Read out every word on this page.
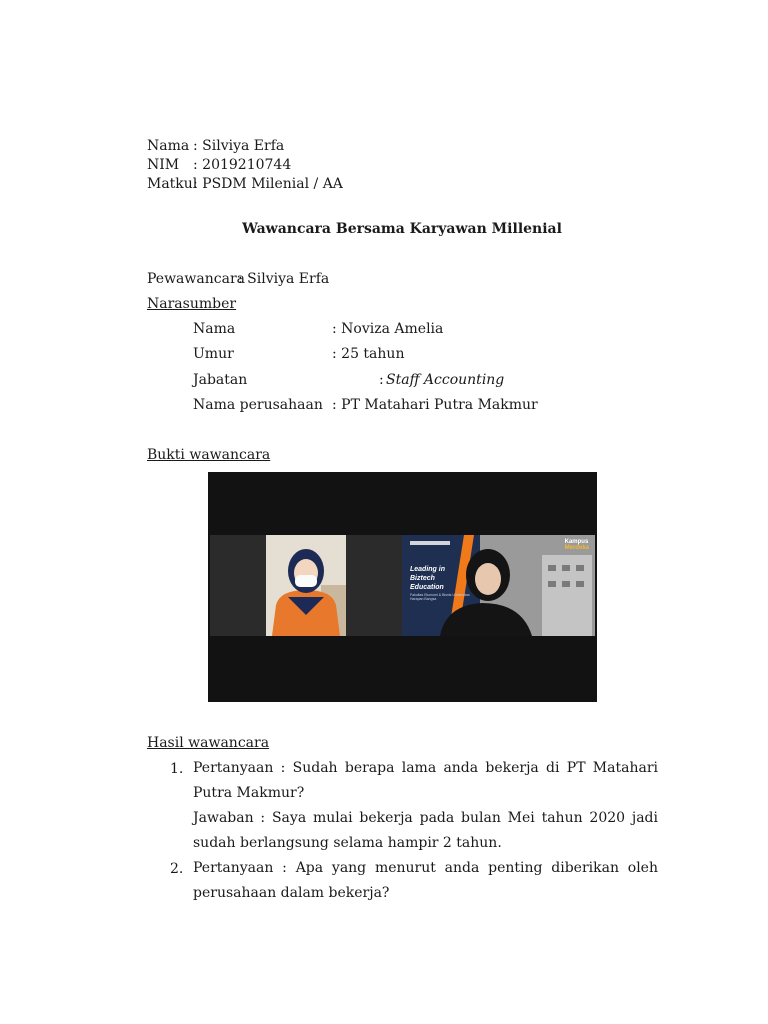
Nama : Silviya Erfa
NIM : 2019210744
Matkul
: PSDM Milenial / AA
Wawancara Bersama Karyawan Millenial
Pewawancara
: Silviya Erfa
Narasumber
Nama	: Noviza Amelia
Umur	: 25 tahun
Jabatan	: Staff Accounting
Nama perusahaan : PT Matahari Putra Makmur
Bukti wawancara
Leading in
Biztech
Education
Fakultas Ekonomi & Bisnis Universitas Harapan Bangsa
Kampus
Merdeka
Hasil wawancara
1. Pertanyaan : Sudah berapa lama anda bekerja di PT Matahari Putra Makmur?
Jawaban : Saya mulai bekerja pada bulan Mei tahun 2020 jadi sudah berlangsung selama hampir 2 tahun.
2. Pertanyaan : Apa yang menurut anda penting diberikan oleh perusahaan dalam bekerja?
